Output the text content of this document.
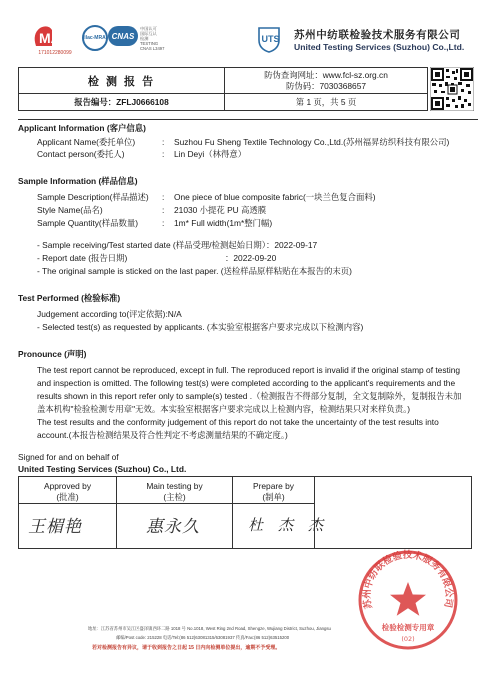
MA
171012280099
ilac-MRA CNAS
中国认可
国际互认
检测
TESTING
CNAS L3497
UTS 苏州中纺联检验技术服务有限公司
United Testing Services (Suzhou) Co.,Ltd.
检 测 报 告
防伪查询网址：www.fcl-sz.org.cn
防伪码：7030368657
报告编号：ZFLJ0666108	第 1 页，共 5 页
Applicant Information (客户信息)
Applicant Name(委托单位)	: Suzhou Fu Sheng Textile Technology Co.,Ltd.(苏州福昇纺织科技有限公司)
Contact person(委托人)	: Lin Deyi（林得意）
Sample Information (样品信息)
Sample Description(样品描述) : One piece of blue composite fabric(一块兰色复合面料)
Style Name(品名)	: 21030 小提花 PU 高透膜
Sample Quantity(样品数量)	: 1m* Full width(1m*整门幅)
- Sample receiving/Test started date (样品受理/检测起始日期）：2022-09-17
- Report date (报告日期)                                          ：2022-09-20
- The original sample is sticked on the last paper. (送检样品原样粘贴在本报告的末页)
Test Performed (检验标准)
Judgement according to(评定依据):N/A
- Selected test(s) as requested by applicants. (本实验室根据客户要求完成以下检测内容)
Pronounce (声明)
The test report cannot be reproduced, except in full. The reproduced report is invalid if the original stamp of testing
and inspection is omitted. The following test(s) were completed according to the applicant's requirements and the
results shown in this report refer only to sample(s) tested .（检测报告不得部分复制，全文复制除外，复制报告未加
盖本机构"检验检测专用章"无效。本实验室根据客户要求完成以上检测内容，检测结果只对来样负责。)
The test results and the conformity judgement of this report do not take the uncertainty of the test results into
account.(本报告检测结果及符合性判定不考虑测量结果的不确定度。)
Signed for and on behalf of
United Testing Services (Suzhou) Co., Ltd.
Approved by
(批准)
Main testing by
(主检)
Prepare by
(制单)
王楣艳	惠永久	杜　杰　杰
苏州中纺联检验技术服务有限公司
检验检测专用章
(02)
地址：江苏省苏州市吴江区盛泽镇西环二路 1018 号 No.1018, West Ring 2nd Road, Shengze, Wujiang District, Suzhou, Jiangsu
邮编/Post code: 215228 电话/Tel:(86 512)63081315/63081937 传真/Fax:(86 512)63515200
若对检测报告有异议，请于收到报告之日起 15 日内向检测单位提出，逾期不予受理。
